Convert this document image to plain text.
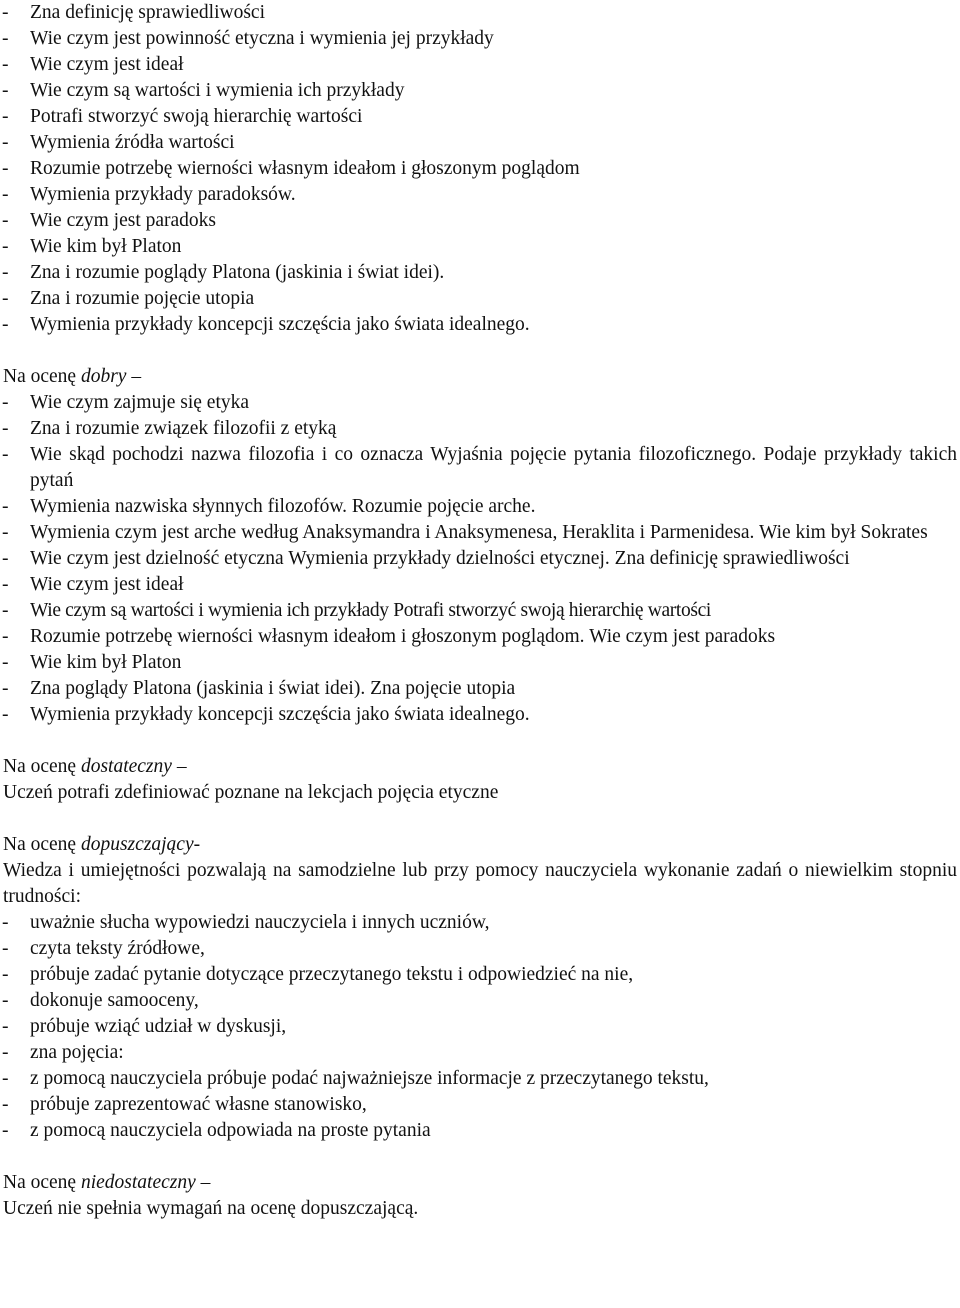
- Zna definicję sprawiedliwości

- Wie czym jest powinność etyczna i wymienia jej przykłady

- Wie czym jest ideał

- Wie czym są wartości i wymienia ich przykłady

- Potrafi stworzyć swoją hierarchię wartości

- Wymienia źródła wartości

- Rozumie potrzebę wierności własnym ideałom i głoszonym poglądom

- Wymienia przykłady paradoksów.

- Wie czym jest paradoks

- Wie kim był Platon

- Zna i rozumie poglądy Platona (jaskinia i świat idei).

- Zna i rozumie pojęcie utopia

- Wymienia przykłady koncepcji szczęścia jako świata idealnego.

Na ocenę dobry –

- Wie czym zajmuje się etyka

- Zna i rozumie związek filozofii z etyką

- Wie skąd pochodzi nazwa filozofia i co oznacza Wyjaśnia pojęcie pytania filozoficznego. Podaje przykłady takich pytań

- Wymienia nazwiska słynnych filozofów. Rozumie pojęcie arche.

- Wymienia czym jest arche według Anaksymandra i Anaksymenesa, Heraklita i Parmenidesa. Wie kim był Sokrates

- Wie czym jest dzielność etyczna Wymienia przykłady dzielności etycznej. Zna definicję sprawiedliwości

- Wie czym jest ideał

- Wie czym są wartości i wymienia ich przykłady Potrafi stworzyć swoją hierarchię wartości

- Rozumie potrzebę wierności własnym ideałom i głoszonym poglądom. Wie czym jest paradoks

- Wie kim był Platon

- Zna poglądy Platona (jaskinia i świat idei). Zna pojęcie utopia

- Wymienia przykłady koncepcji szczęścia jako świata idealnego.

Na ocenę dostateczny –

Uczeń potrafi zdefiniować poznane na lekcjach pojęcia etyczne

Na ocenę dopuszczający-

Wiedza i umiejętności pozwalają na samodzielne lub przy pomocy nauczyciela wykonanie zadań o niewielkim stopniu trudności:

- uważnie słucha wypowiedzi nauczyciela i innych uczniów,

- czyta teksty źródłowe,

- próbuje zadać pytanie dotyczące przeczytanego tekstu i odpowiedzieć na nie,

- dokonuje samooceny,

- próbuje wziąć udział w dyskusji,

- zna pojęcia:

- z pomocą nauczyciela próbuje podać najważniejsze informacje z przeczytanego tekstu,

- próbuje zaprezentować własne stanowisko,

- z pomocą nauczyciela odpowiada na proste pytania

Na ocenę niedostateczny –

Uczeń nie spełnia wymagań na ocenę dopuszczającą.
